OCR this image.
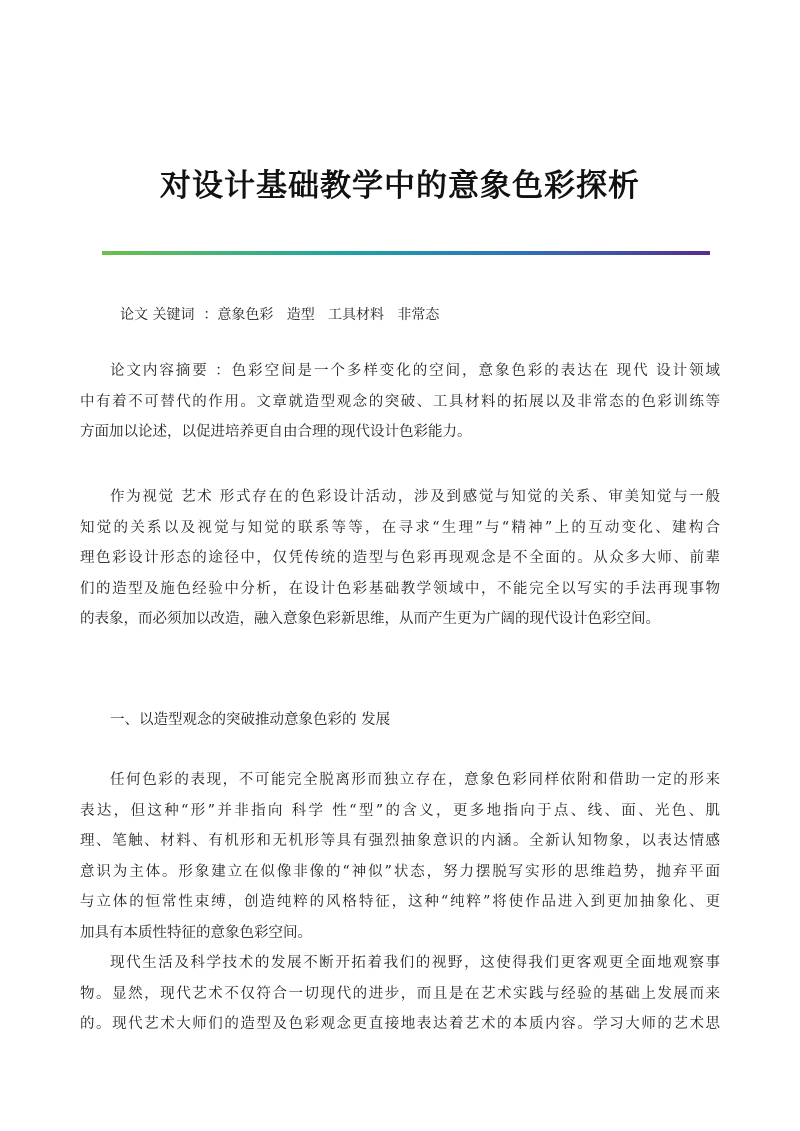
对设计基础教学中的意象色彩探析
论文 关键词  ：意象色彩   造型   工具材料   非常态
论文内容摘要 ：色彩空间是一个多样变化的空间，意象色彩的表达在 现代 设计领域
中有着不可替代的作用。文章就造型观念的突破、工具材料的拓展以及非常态的色彩训练等
方面加以论述，以促进培养更自由合理的现代设计色彩能力。
作为视觉 艺术 形式存在的色彩设计活动，涉及到感觉与知觉的关系、审美知觉与一般
知觉的关系以及视觉与知觉的联系等等，在寻求“生理”与“精神”上的互动变化、建构合
理色彩设计形态的途径中，仅凭传统的造型与色彩再现观念是不全面的。从众多大师、前辈
们的造型及施色经验中分析，在设计色彩基础教学领域中，不能完全以写实的手法再现事物
的表象，而必须加以改造，融入意象色彩新思维，从而产生更为广阔的现代设计色彩空间。
一、以造型观念的突破推动意象色彩的 发展
任何色彩的表现，不可能完全脱离形而独立存在，意象色彩同样依附和借助一定的形来
表达，但这种“形”并非指向 科学 性“型”的含义，更多地指向于点、线、面、光色、肌
理、笔触、材料、有机形和无机形等具有强烈抽象意识的内涵。全新认知物象，以表达情感
意识为主体。形象建立在似像非像的“神似”状态，努力摆脱写实形的思维趋势，抛弃平面
与立体的恒常性束缚，创造纯粹的风格特征，这种“纯粹”将使作品进入到更加抽象化、更
加具有本质性特征的意象色彩空间。
现代生活及科学技术的发展不断开拓着我们的视野，这使得我们更客观更全面地观察事
物。显然，现代艺术不仅符合一切现代的进步，而且是在艺术实践与经验的基础上发展而来
的。现代艺术大师们的造型及色彩观念更直接地表达着艺术的本质内容。学习大师的艺术思
